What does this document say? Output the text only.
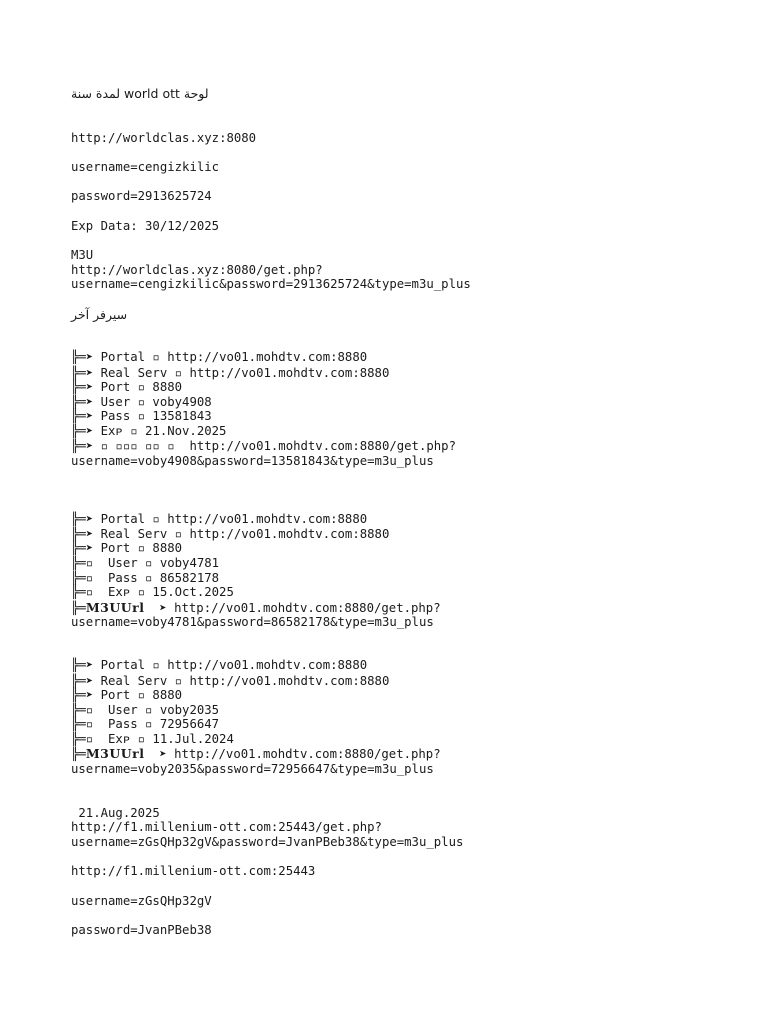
لوحة world ott لمدة سنة
http://worldclas.xyz:8080
username=cengizkilic
password=2913625724
Exp Data: 30/12/2025
M3U
http://worldclas.xyz:8080/get.php?
username=cengizkilic&password=2913625724&type=m3u_plus
سيرفر آخر
╠═➤ Portal ▫ http://vo01.mohdtv.com:8880
╠═➤ Real Serv ▫ http://vo01.mohdtv.com:8880
╠═➤ Port ▫ 8880
╠═➤ User ▫ voby4908
╠═➤ Pass ▫ 13581843
╠═➤ Exᴘ ▫ 21.Nov.2025
╠═➤ ▫ ▫▫▫ ▫▫ ▫  http://vo01.mohdtv.com:8880/get.php?
username=voby4908&password=13581843&type=m3u_plus
╠═➤ Portal ▫ http://vo01.mohdtv.com:8880
╠═➤ Real Serv ▫ http://vo01.mohdtv.com:8880
╠═➤ Port ▫ 8880
╠═▫  User ▫ voby4781
╠═▫  Pass ▫ 86582178
╠═▫  Exᴘ ▫ 15.Oct.2025
╠═M3UUrl  ➤ http://vo01.mohdtv.com:8880/get.php?
username=voby4781&password=86582178&type=m3u_plus
╠═➤ Portal ▫ http://vo01.mohdtv.com:8880
╠═➤ Real Serv ▫ http://vo01.mohdtv.com:8880
╠═➤ Port ▫ 8880
╠═▫  User ▫ voby2035
╠═▫  Pass ▫ 72956647
╠═▫  Exᴘ ▫ 11.Jul.2024
╠═M3UUrl  ➤ http://vo01.mohdtv.com:8880/get.php?
username=voby2035&password=72956647&type=m3u_plus
21.Aug.2025
http://f1.millenium-ott.com:25443/get.php?
username=zGsQHp32gV&password=JvanPBeb38&type=m3u_plus
http://f1.millenium-ott.com:25443
username=zGsQHp32gV
password=JvanPBeb38
